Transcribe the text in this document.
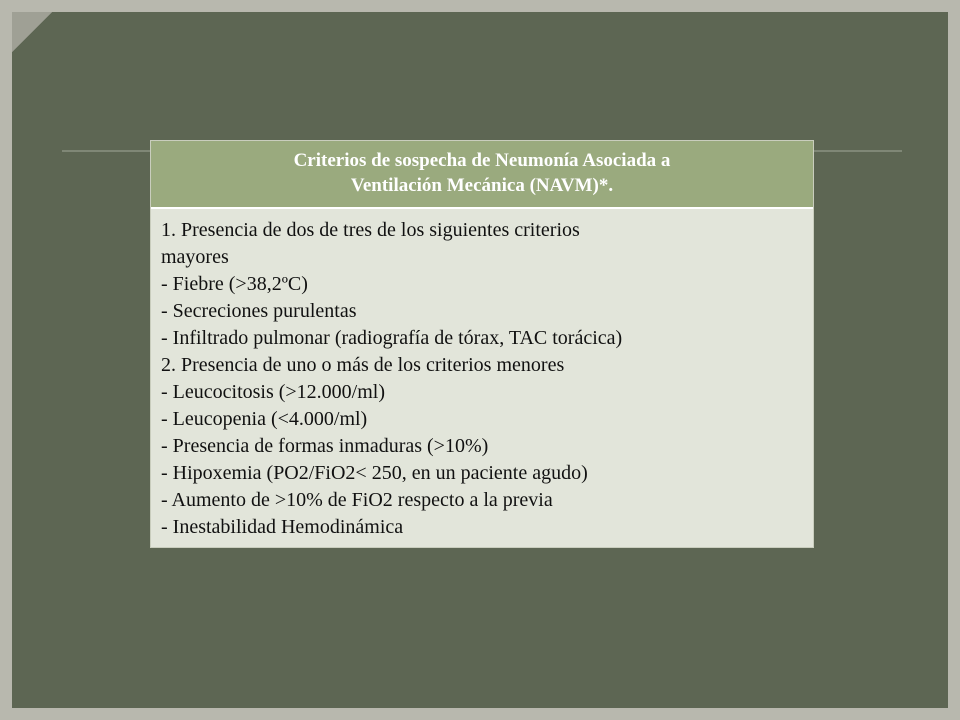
Criterios de sospecha de Neumonía Asociada a
Ventilación Mecánica (NAVM)*.
1. Presencia de dos de tres de los siguientes criterios
mayores
- Fiebre (>38,2ºC)
- Secreciones purulentas
- Infiltrado pulmonar (radiografía de tórax, TAC torácica)
2. Presencia de uno o más de los criterios menores
- Leucocitosis (>12.000/ml)
- Leucopenia (<4.000/ml)
- Presencia de formas inmaduras (>10%)
- Hipoxemia (PO2/FiO2< 250, en un paciente agudo)
- Aumento de >10% de FiO2 respecto a la previa
- Inestabilidad Hemodinámica
